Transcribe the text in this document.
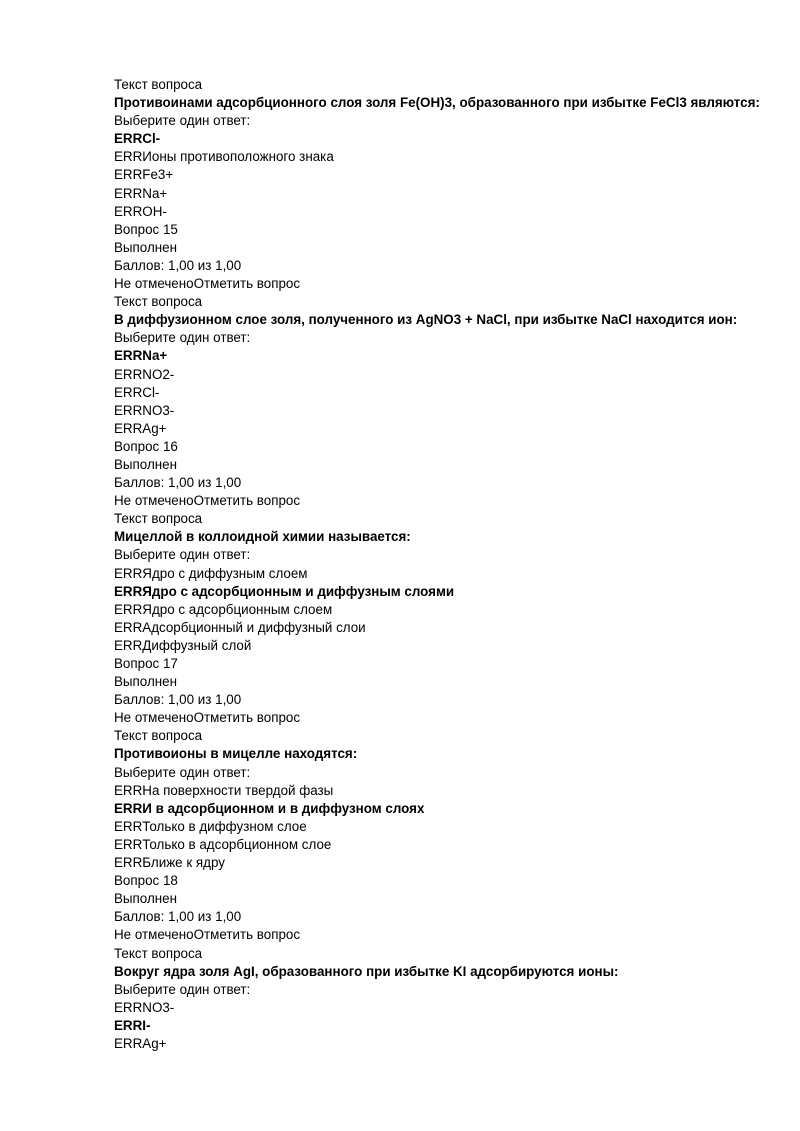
Текст вопроса
Противоинами адсорбционного слоя золя Fe(OH)3, образованного при избытке FeCl3 являются:
Выберите один ответ:
ERRCl-
ERRИоны противоположного знака
ERRFe3+
ERRNa+
ERROH-
Вопрос 15
Выполнен
Баллов: 1,00 из 1,00
Не отмеченоОтметить вопрос
Текст вопроса
В диффузионном слое золя, полученного из AgNO3 + NaCl, при избытке NaCl находится ион:
Выберите один ответ:
ERRNa+
ERRNO2-
ERRCl-
ERRNO3-
ERRAg+
Вопрос 16
Выполнен
Баллов: 1,00 из 1,00
Не отмеченоОтметить вопрос
Текст вопроса
Мицеллой в коллоидной химии называется:
Выберите один ответ:
ERRЯдро с диффузным слоем
ERRЯдро с адсорбционным и диффузным слоями
ERRЯдро с адсорбционным слоем
ERRАдсорбционный и диффузный слои
ERRДиффузный слой
Вопрос 17
Выполнен
Баллов: 1,00 из 1,00
Не отмеченоОтметить вопрос
Текст вопроса
Противоионы в мицелле находятся:
Выберите один ответ:
ERRНа поверхности твердой фазы
ERRИ в адсорбционном и в диффузном слоях
ERRТолько в диффузном слое
ERRТолько в адсорбционном слое
ERRБлиже к ядру
Вопрос 18
Выполнен
Баллов: 1,00 из 1,00
Не отмеченоОтметить вопрос
Текст вопроса
Вокруг ядра золя AgI, образованного при избытке KI адсорбируются ионы:
Выберите один ответ:
ERRNO3-
ERRI-
ERRAg+
